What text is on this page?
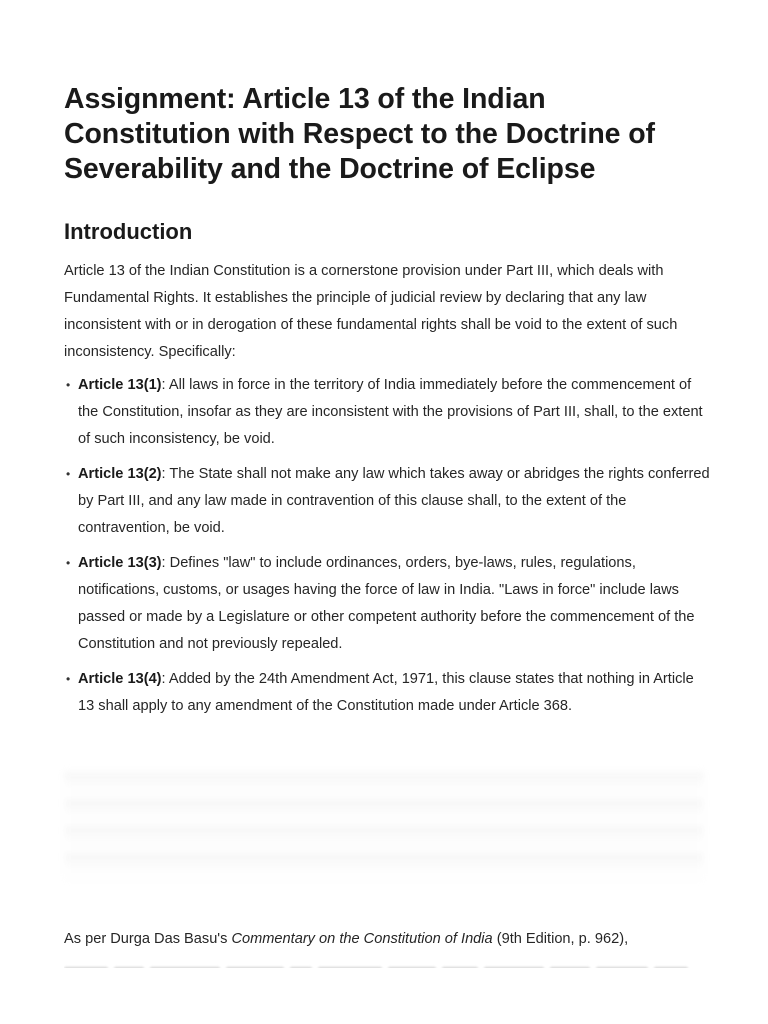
Assignment: Article 13 of the Indian Constitution with Respect to the Doctrine of Severability and the Doctrine of Eclipse
Introduction

Article 13 of the Indian Constitution is a cornerstone provision under Part III, which deals with Fundamental Rights. It establishes the principle of judicial review by declaring that any law inconsistent with or in derogation of these fundamental rights shall be void to the extent of such inconsistency. Specifically:

• Article 13(1): All laws in force in the territory of India immediately before the commencement of the Constitution, insofar as they are inconsistent with the provisions of Part III, shall, to the extent of such inconsistency, be void.
• Article 13(2): The State shall not make any law which takes away or abridges the rights conferred by Part III, and any law made in contravention of this clause shall, to the extent of the contravention, be void.
• Article 13(3): Defines "law" to include ordinances, orders, bye-laws, rules, regulations, notifications, customs, or usages having the force of law in India. "Laws in force" include laws passed or made by a Legislature or other competent authority before the commencement of the Constitution and not previously repealed.
• Article 13(4): Added by the 24th Amendment Act, 1971, this clause states that nothing in Article 13 shall apply to any amendment of the Constitution made under Article 368.

As per Durga Das Basu's Commentary on the Constitution of India (9th Edition, p. 962),
